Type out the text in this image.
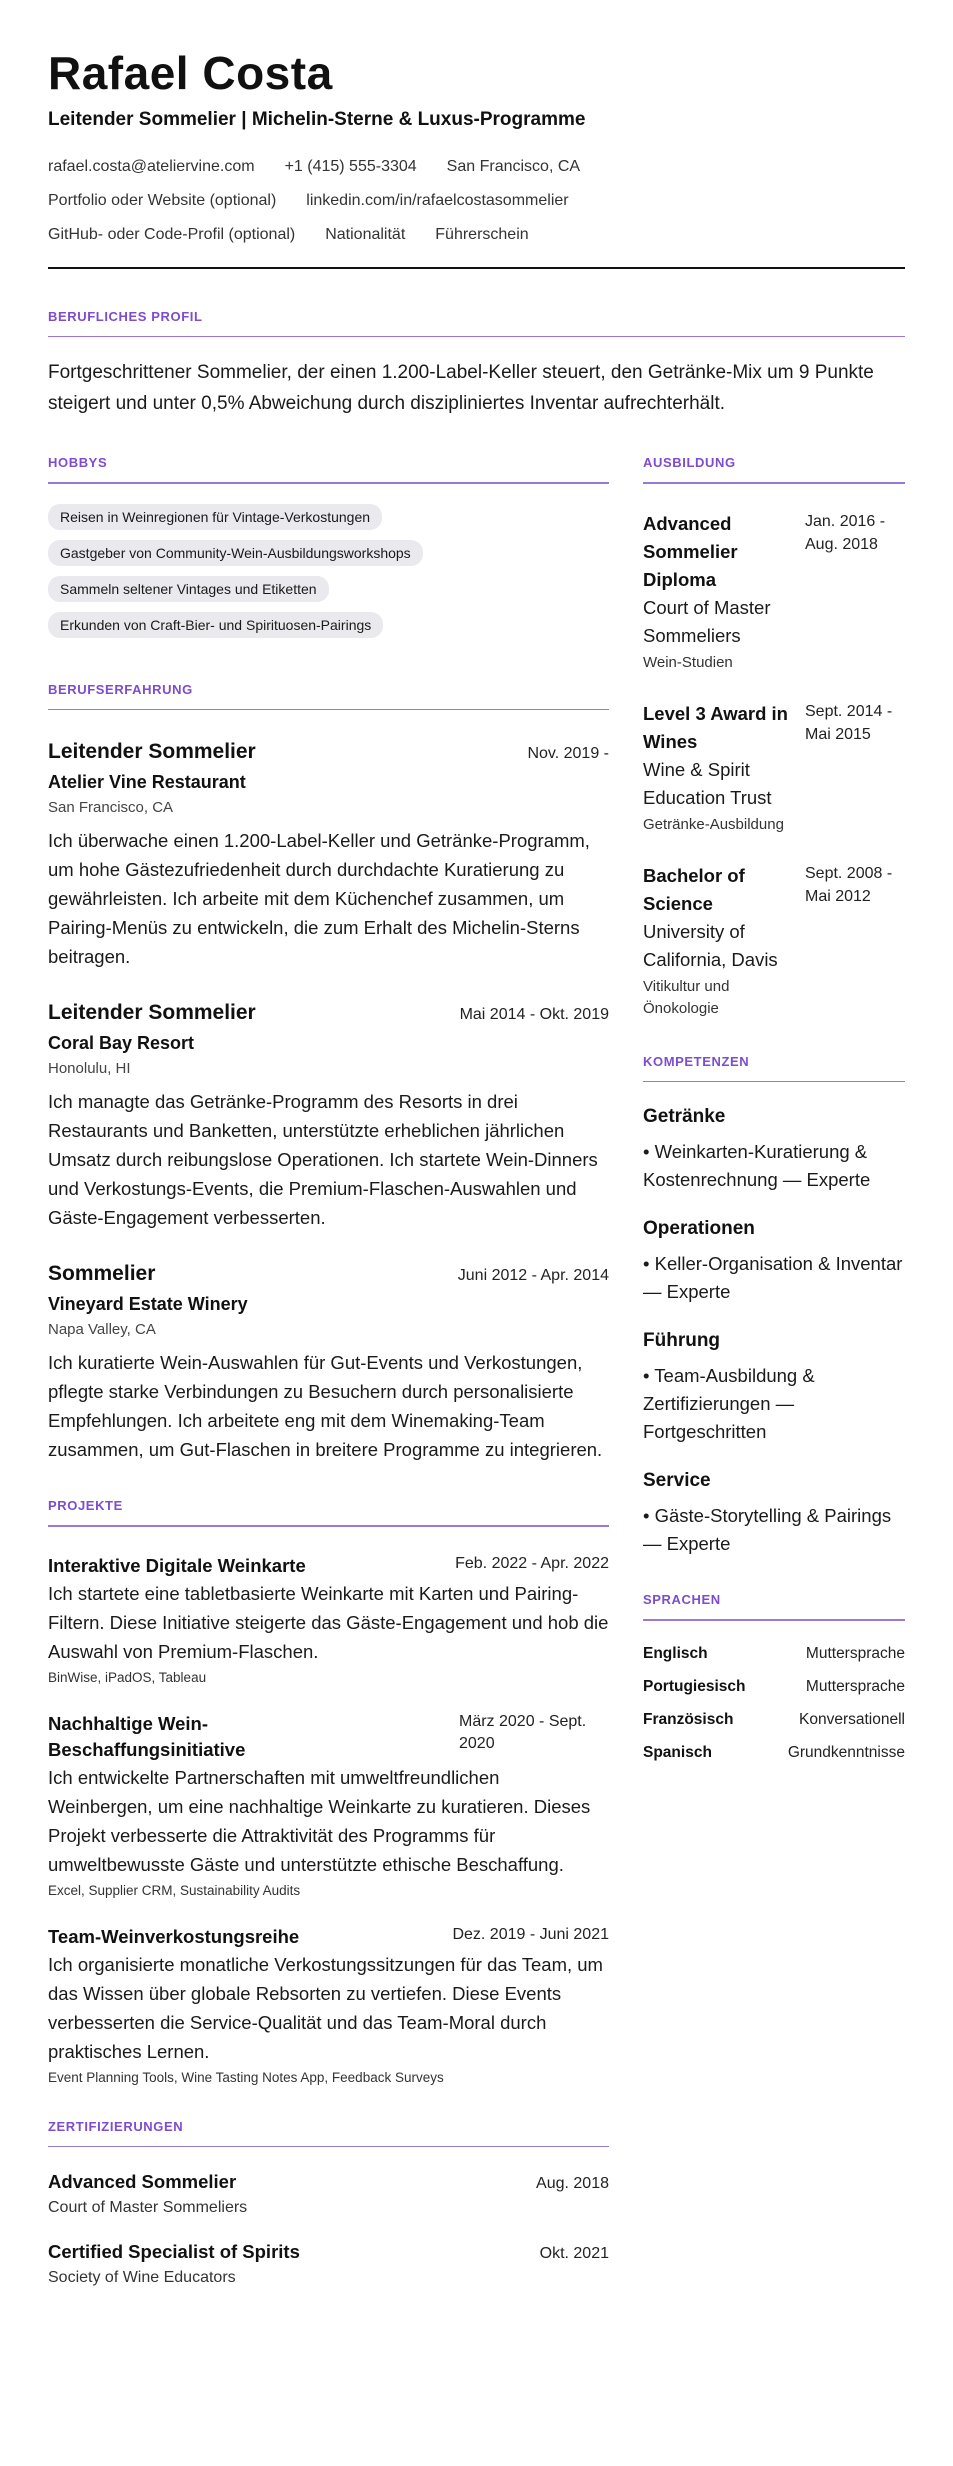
Rafael Costa
Leitender Sommelier | Michelin-Sterne & Luxus-Programme
rafael.costa@ateliervine.com +1 (415) 555-3304 San Francisco, CA
Portfolio oder Website (optional) linkedin.com/in/rafaelcostasommelier
GitHub- oder Code-Profil (optional) Nationalität Führerschein
BERUFLICHES PROFIL
Fortgeschrittener Sommelier, der einen 1.200-Label-Keller steuert, den Getränke-Mix um 9 Punkte steigert und unter 0,5% Abweichung durch diszipliniertes Inventar aufrechterhält.
HOBBYS
Reisen in Weinregionen für Vintage-Verkostungen
Gastgeber von Community-Wein-Ausbildungsworkshops
Sammeln seltener Vintages und Etiketten
Erkunden von Craft-Bier- und Spirituosen-Pairings
BERUFSERFAHRUNG
Leitender Sommelier	Nov. 2019 -
Atelier Vine Restaurant
San Francisco, CA
Ich überwache einen 1.200-Label-Keller und Getränke-Programm, um hohe Gästezufriedenheit durch durchdachte Kuratierung zu gewährleisten. Ich arbeite mit dem Küchenchef zusammen, um Pairing-Menüs zu entwickeln, die zum Erhalt des Michelin-Sterns beitragen.
Leitender Sommelier	Mai 2014 - Okt. 2019
Coral Bay Resort
Honolulu, HI
Ich managte das Getränke-Programm des Resorts in drei Restaurants und Banketten, unterstützte erheblichen jährlichen Umsatz durch reibungslose Operationen. Ich startete Wein-Dinners und Verkostungs-Events, die Premium-Flaschen-Auswahlen und Gäste-Engagement verbesserten.
Sommelier	Juni 2012 - Apr. 2014
Vineyard Estate Winery
Napa Valley, CA
Ich kuratierte Wein-Auswahlen für Gut-Events und Verkostungen, pflegte starke Verbindungen zu Besuchern durch personalisierte Empfehlungen. Ich arbeitete eng mit dem Winemaking-Team zusammen, um Gut-Flaschen in breitere Programme zu integrieren.
PROJEKTE
Interaktive Digitale Weinkarte	Feb. 2022 - Apr. 2022
Ich startete eine tabletbasierte Weinkarte mit Karten und Pairing-Filtern. Diese Initiative steigerte das Gäste-Engagement und hob die Auswahl von Premium-Flaschen.
BinWise, iPadOS, Tableau
Nachhaltige Wein-Beschaffungsinitiative
März 2020 - Sept. 2020
Ich entwickelte Partnerschaften mit umweltfreundlichen Weinbergen, um eine nachhaltige Weinkarte zu kuratieren. Dieses Projekt verbesserte die Attraktivität des Programms für umweltbewusste Gäste und unterstützte ethische Beschaffung.
Excel, Supplier CRM, Sustainability Audits
Team-Weinverkostungsreihe	Dez. 2019 - Juni 2021
Ich organisierte monatliche Verkostungssitzungen für das Team, um das Wissen über globale Rebsorten zu vertiefen. Diese Events verbesserten die Service-Qualität und das Team-Moral durch praktisches Lernen.
Event Planning Tools, Wine Tasting Notes App, Feedback Surveys
ZERTIFIZIERUNGEN
Advanced Sommelier	Aug. 2018
Court of Master Sommeliers
Certified Specialist of Spirits	Okt. 2021
Society of Wine Educators
AUSBILDUNG
Advanced Sommelier Diploma
Court of Master Sommeliers
Wein-Studien
Jan. 2016 - Aug. 2018
Level 3 Award in Wines
Wine & Spirit Education Trust
Getränke-Ausbildung
Sept. 2014 - Mai 2015
Bachelor of Science
University of California, Davis
Vitikultur und Önokologie
Sept. 2008 - Mai 2012
KOMPETENZEN
Getränke
• Weinkarten-Kuratierung & Kostenrechnung — Experte
Operationen
• Keller-Organisation & Inventar — Experte
Führung
• Team-Ausbildung & Zertifizierungen — Fortgeschritten
Service
• Gäste-Storytelling & Pairings — Experte
SPRACHEN
Englisch	Muttersprache
Portugiesisch	Muttersprache
Französisch	Konversationell
Spanisch	Grundkenntnisse
